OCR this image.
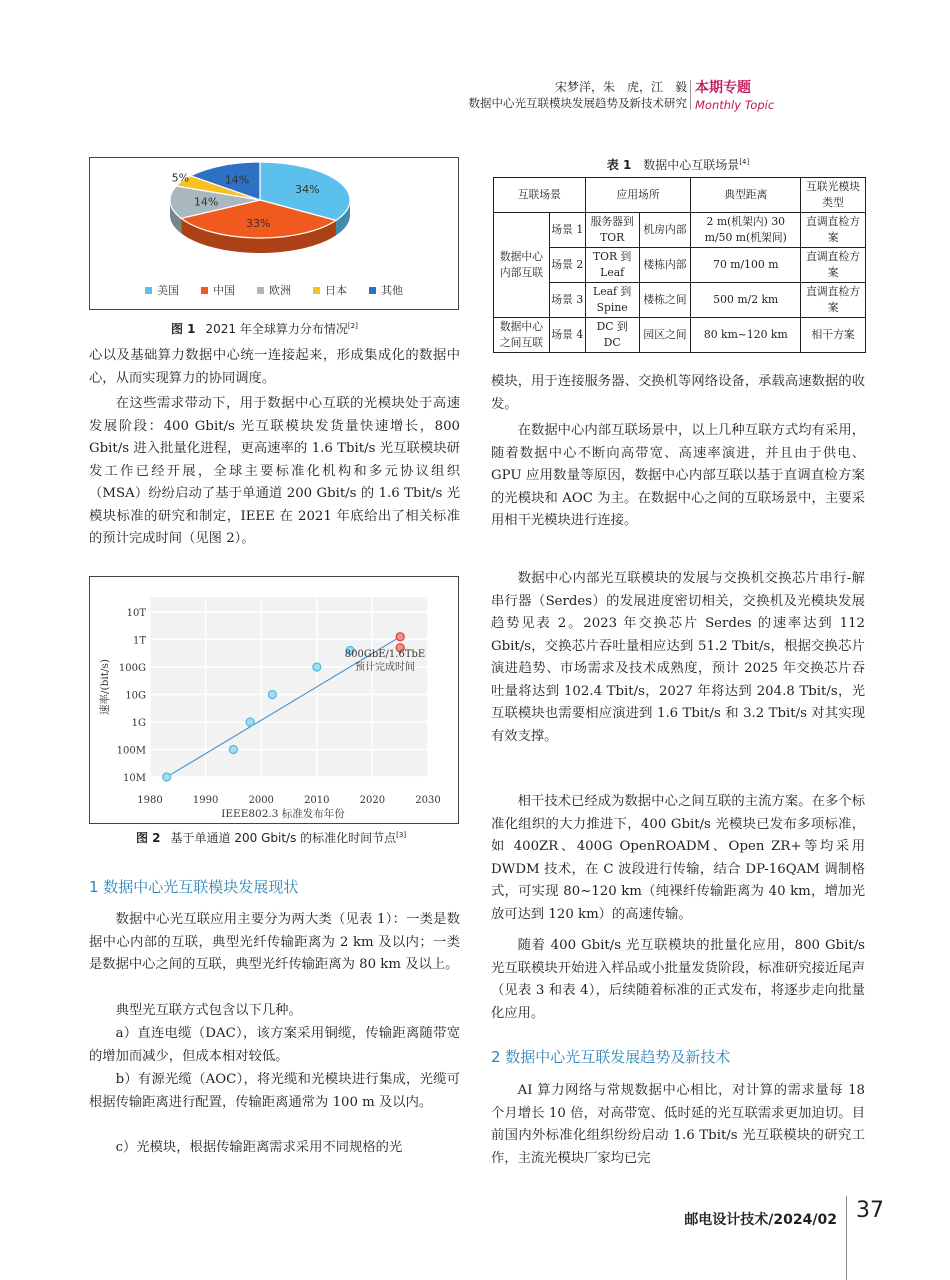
宋梦洋，朱　虎，江　毅
数据中心光互联模块发展趋势及新技术研究
本期专题
Monthly Topic
34%
33%
14%
5%	14%
美国	中国	欧洲	日本	其他
图 1 2021 年全球算力分布情况[2]

心以及基础算力数据中心统一连接起来，形成集成化的数据中心，从而实现算力的协同调度。

在这些需求带动下，用于数据中心互联的光模块处于高速发展阶段：400 Gbit/s 光互联模块发货量快速增长，800 Gbit/s 进入批量化进程，更高速率的 1.6 Tbit/s 光互联模块研发工作已经开展，全球主要标准化机构和多元协议组织（MSA）纷纷启动了基于单通道 200 Gbit/s 的 1.6 Tbit/s 光模块标准的研究和制定，IEEE 在 2021 年底给出了相关标准的预计完成时间（见图 2）。

10M
100M
1G
10G
100G
1T
10T
1980	1990	2000	2010	2020	2030
800GbE/1.6TbE
预计完成时间
IEEE802.3 标准发布年份
速率/(bit/s)
图 2 基于单通道 200 Gbit/s 的标准化时间节点[3]
1 数据中心光互联模块发展现状

数据中心光互联应用主要分为两大类（见表 1）：一类是数据中心内部的互联，典型光纤传输距离为 2 km 及以内；一类是数据中心之间的互联，典型光纤传输距离为 80 km 及以上。

典型光互联方式包含以下几种。

a）直连电缆（DAC），该方案采用铜缆，传输距离随带宽的增加而减少，但成本相对较低。

b）有源光缆（AOC），将光缆和光模块进行集成，光缆可根据传输距离进行配置，传输距离通常为 100 m 及以内。

c）光模块，根据传输距离需求采用不同规格的光

表 1 数据中心互联场景[4]
互联场景		应用场所		典型距离	互联光模块类型
数据中心内部互联	场景 1	服务器到 TOR	机房内部	2 m(机架内) 30 m/50 m(机架间)	直调直检方案
	场景 2	TOR 到 Leaf	楼栋内部	70 m/100 m	直调直检方案
	场景 3	Leaf 到 Spine	楼栋之间	500 m/2 km	直调直检方案
数据中心之间互联	场景 4	DC 到 DC	园区之间	80 km~120 km	相干方案

模块，用于连接服务器、交换机等网络设备，承载高速数据的收发。

在数据中心内部互联场景中，以上几种互联方式均有采用，随着数据中心不断向高带宽、高速率演进，并且由于供电、GPU 应用数量等原因，数据中心内部互联以基于直调直检方案的光模块和 AOC 为主。在数据中心之间的互联场景中，主要采用相干光模块进行连接。

数据中心内部光互联模块的发展与交换机交换芯片串行-解串行器（Serdes）的发展进度密切相关，交换机及光模块发展趋势见表 2。2023 年交换芯片 Serdes 的速率达到 112 Gbit/s，交换芯片吞吐量相应达到 51.2 Tbit/s，根据交换芯片演进趋势、市场需求及技术成熟度，预计 2025 年交换芯片吞吐量将达到 102.4 Tbit/s，2027 年将达到 204.8 Tbit/s，光互联模块也需要相应演进到 1.6 Tbit/s 和 3.2 Tbit/s 对其实现有效支撑。

相干技术已经成为数据中心之间互联的主流方案。在多个标准化组织的大力推进下，400 Gbit/s 光模块已发布多项标准，如 400ZR、400G OpenROADM、Open ZR+等均采用 DWDM 技术，在 C 波段进行传输，结合 DP-16QAM 调制格式，可实现 80~120 km（纯裸纤传输距离为 40 km，增加光放可达到 120 km）的高速传输。

随着 400 Gbit/s 光互联模块的批量化应用，800 Gbit/s 光互联模块开始进入样品或小批量发货阶段，标准研究接近尾声（见表 3 和表 4），后续随着标准的正式发布，将逐步走向批量化应用。

2 数据中心光互联发展趋势及新技术

AI 算力网络与常规数据中心相比，对计算的需求量每 18 个月增长 10 倍，对高带宽、低时延的光互联需求更加迫切。目前国内外标准化组织纷纷启动 1.6 Tbit/s 光互联模块的研究工作，主流光模块厂家均已完

邮电设计技术/2024/02 37
